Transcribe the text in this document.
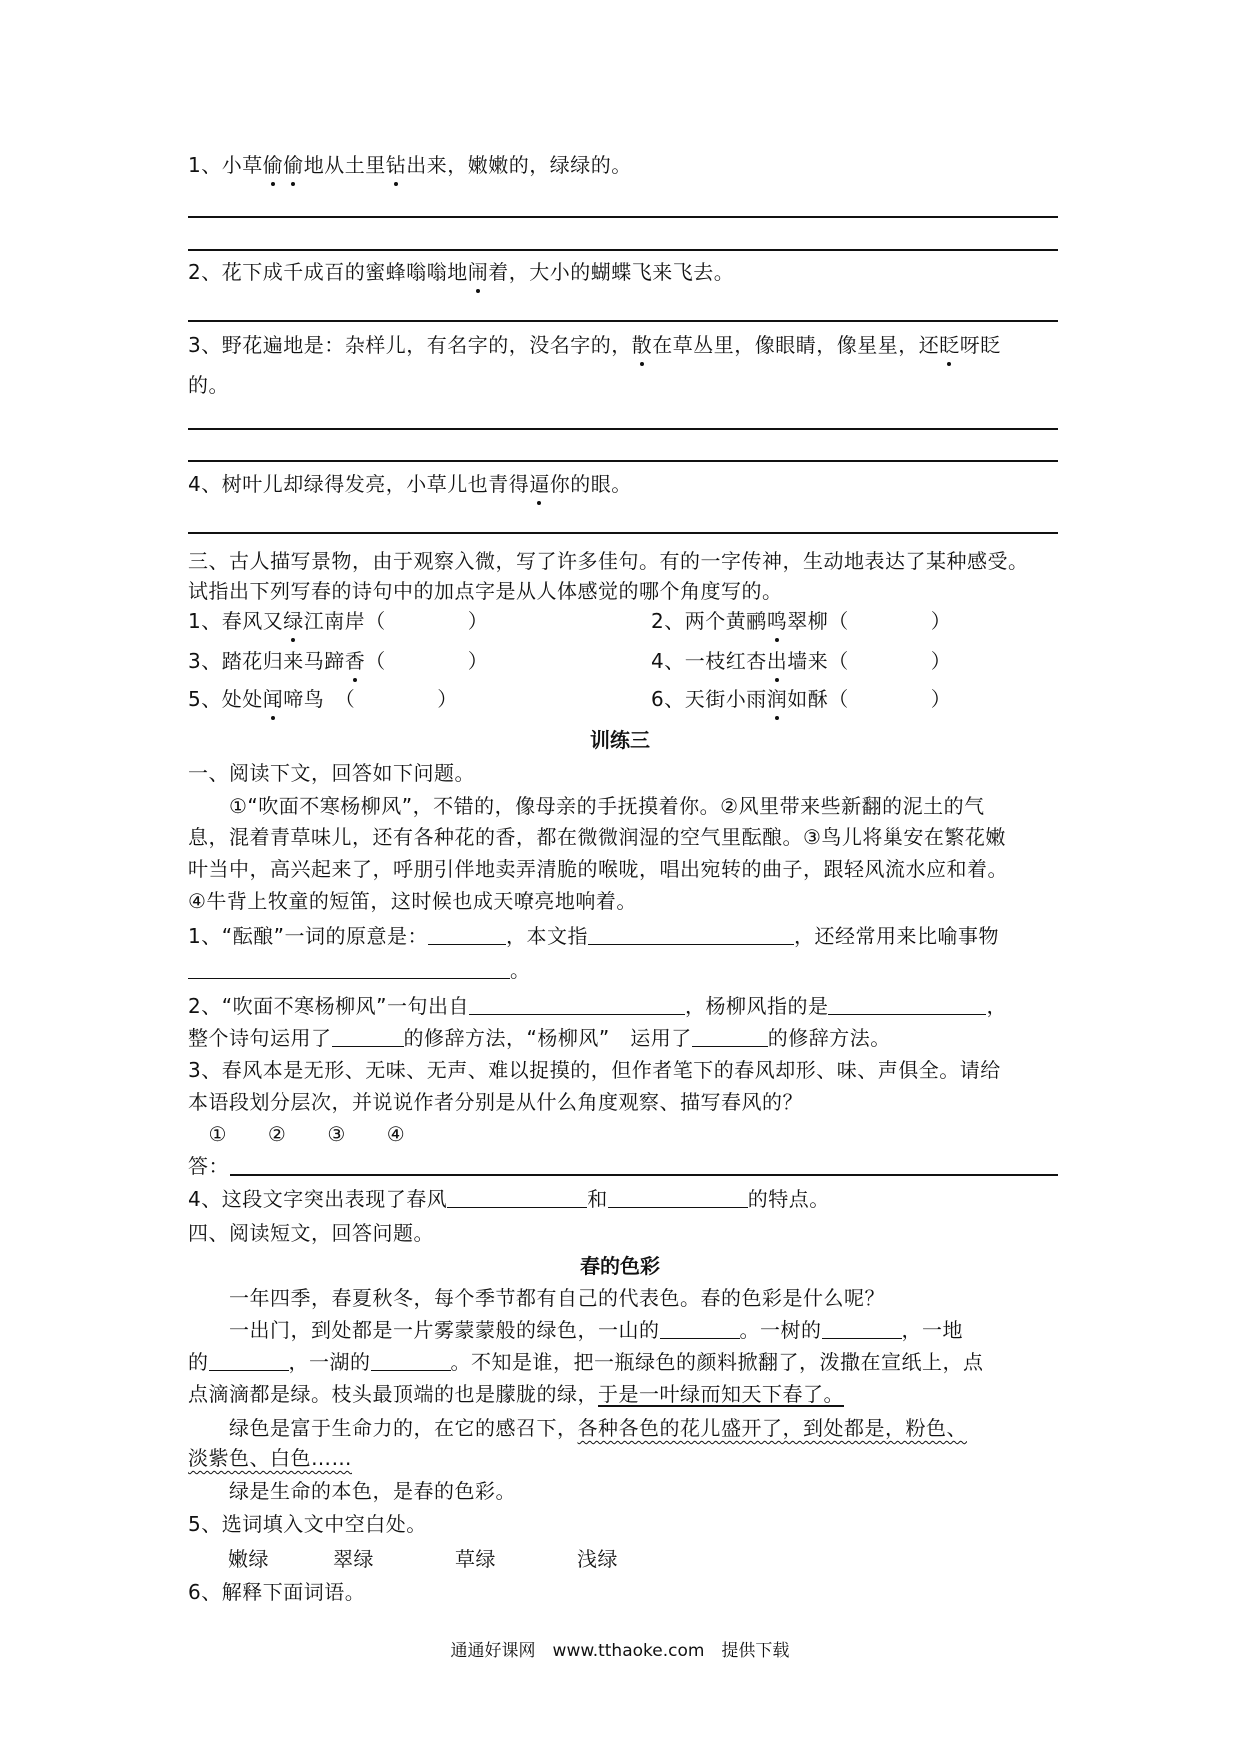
1、小草偷偷地从土里钻出来，嫩嫩的，绿绿的。
2、花下成千成百的蜜蜂嗡嗡地闹着，大小的蝴蝶飞来飞去。
3、野花遍地是：杂样儿，有名字的，没名字的，散在草丛里，像眼睛，像星星，还眨呀眨
的。
4、树叶儿却绿得发亮，小草儿也青得逼你的眼。
三、古人描写景物，由于观察入微，写了许多佳句。有的一字传神，生动地表达了某种感受。
试指出下列写春的诗句中的加点字是从人体感觉的哪个角度写的。
1、春风又绿江南岸（　　　　）	2、两个黄鹂鸣翠柳（　　　　）
3、踏花归来马蹄香（　　　　）	4、一枝红杏出墙来（　　　　）
5、处处闻啼鸟　（　　　　）	6、天街小雨润如酥（　　　　）
训练三
一、阅读下文，回答如下问题。
　　①“吹面不寒杨柳风”，不错的，像母亲的手抚摸着你。②风里带来些新翻的泥土的气
息，混着青草味儿，还有各种花的香，都在微微润湿的空气里酝酿。③鸟儿将巢安在繁花嫩
叶当中，高兴起来了，呼朋引伴地卖弄清脆的喉咙，唱出宛转的曲子，跟轻风流水应和着。
④牛背上牧童的短笛，这时候也成天嘹亮地响着。
1、“酝酿”一词的原意是：	，本文指	，还经常用来比喻事物
。
2、“吹面不寒杨柳风”一句出自	，杨柳风指的是	，
整个诗句运用了	的修辞方法，“杨柳风”　运用了	的修辞方法。
3、春风本是无形、无味、无声、难以捉摸的，但作者笔下的春风却形、味、声俱全。请给
本语段划分层次，并说说作者分别是从什么角度观察、描写春风的？
　①　　②　　③　　④
答：
4、这段文字突出表现了春风	和	的特点。
四、阅读短文，回答问题。
春的色彩
　　一年四季，春夏秋冬，每个季节都有自己的代表色。春的色彩是什么呢？
　　一出门，到处都是一片雾蒙蒙般的绿色，一山的	。一树的	，一地
的	，一湖的	。不知是谁，把一瓶绿色的颜料掀翻了，泼撒在宣纸上，点
点滴滴都是绿。枝头最顶端的也是朦胧的绿，于是一叶绿而知天下春了。
　　绿色是富于生命力的，在它的感召下，各种各色的花儿盛开了，到处都是，粉色、
淡紫色、白色……
　　绿是生命的本色，是春的色彩。
5、选词填入文中空白处。
嫩绿	翠绿	草绿	浅绿
6、解释下面词语。
通通好课网　www.tthaoke.com　提供下载
